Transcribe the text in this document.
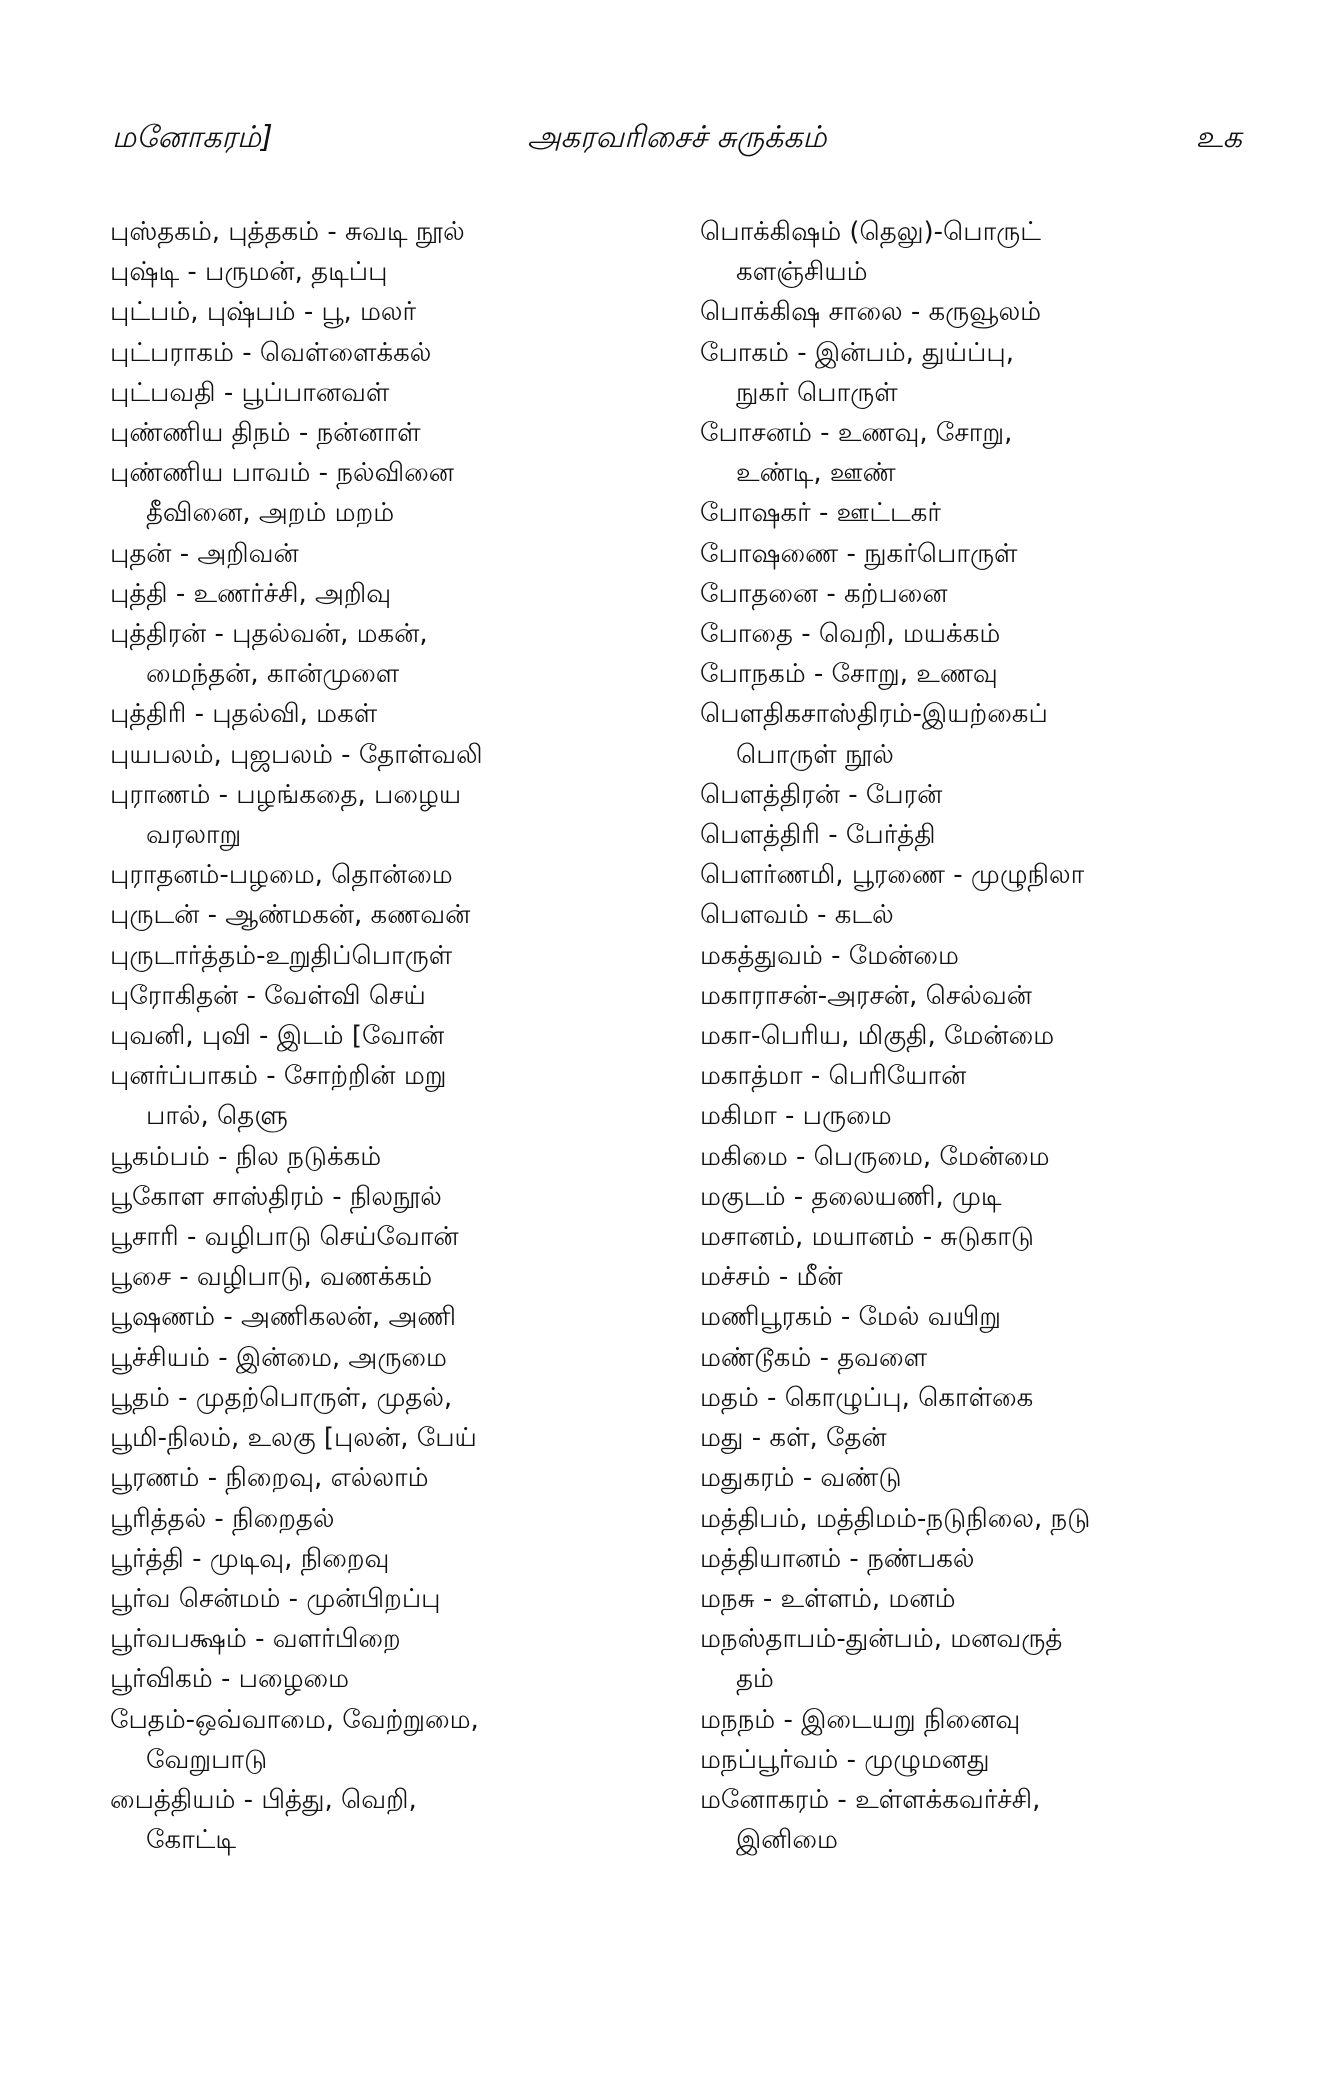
மனோகரம்]	அகரவரிசைச் சுருக்கம்	உக
புஸ்தகம், புத்தகம் - சுவடி நூல்
புஷ்டி - பருமன், தடிப்பு
புட்பம், புஷ்பம் - பூ, மலர்
புட்பராகம் - வெள்ளைக்கல்
புட்பவதி - பூப்பானவள்
புண்ணிய திநம் - நன்னாள்
புண்ணிய பாவம் - நல்வினை
தீவினை, அறம் மறம்
புதன் - அறிவன்
புத்தி - உணர்ச்சி, அறிவு
புத்திரன் - புதல்வன், மகன்,
மைந்தன், கான்முளை
புத்திரி - புதல்வி, மகள்
புயபலம், புஜபலம் - தோள்வலி
புராணம் - பழங்கதை, பழைய
வரலாறு
புராதனம்-பழமை, தொன்மை
புருடன் - ஆண்மகன், கணவன்
புருடார்த்தம்-உறுதிப்பொருள்
புரோகிதன் - வேள்வி செய்
புவனி, புவி - இடம் [வோன்
புனர்ப்பாகம் - சோற்றின் மறு
பால், தெளு
பூகம்பம் - நில நடுக்கம்
பூகோள சாஸ்திரம் - நிலநூல்
பூசாரி - வழிபாடு செய்வோன்
பூசை - வழிபாடு, வணக்கம்
பூஷணம் - அணிகலன், அணி
பூச்சியம் - இன்மை, அருமை
பூதம் - முதற்பொருள், முதல்,
பூமி-நிலம், உலகு [புலன், பேய்
பூரணம் - நிறைவு, எல்லாம்
பூரித்தல் - நிறைதல்
பூர்த்தி - முடிவு, நிறைவு
பூர்வ சென்மம் - முன்பிறப்பு
பூர்வபக்ஷம் - வளர்பிறை
பூர்விகம் - பழைமை
பேதம்-ஒவ்வாமை, வேற்றுமை,
வேறுபாடு
பைத்தியம் - பித்து, வெறி,
கோட்டி
பொக்கிஷம் (தெலு)-பொருட்
களஞ்சியம்
பொக்கிஷ சாலை - கருவூலம்
போகம் - இன்பம், துய்ப்பு,
நுகர் பொருள்
போசனம் - உணவு, சோறு,
உண்டி, ஊண்
போஷகர் - ஊட்டகர்
போஷணை - நுகர்பொருள்
போதனை - கற்பனை
போதை - வெறி, மயக்கம்
போநகம் - சோறு, உணவு
பௌதிகசாஸ்திரம்-இயற்கைப்
பொருள் நூல்
பௌத்திரன் - பேரன்
பௌத்திரி - பேர்த்தி
பௌர்ணமி, பூரணை - முழுநிலா
பௌவம் - கடல்
மகத்துவம் - மேன்மை
மகாராசன்-அரசன், செல்வன்
மகா-பெரிய, மிகுதி, மேன்மை
மகாத்மா - பெரியோன்
மகிமா - பருமை
மகிமை - பெருமை, மேன்மை
மகுடம் - தலையணி, முடி
மசானம், மயானம் - சுடுகாடு
மச்சம் - மீன்
மணிபூரகம் - மேல் வயிறு
மண்டூகம் - தவளை
மதம் - கொழுப்பு, கொள்கை
மது - கள், தேன்
மதுகரம் - வண்டு
மத்திபம், மத்திமம்-நடுநிலை, நடு
மத்தியானம் - நண்பகல்
மநசு - உள்ளம், மனம்
மநஸ்தாபம்-துன்பம், மனவருத்
தம்
மநநம் - இடையறு நினைவு
மநப்பூர்வம் - முழுமனது
மனோகரம் - உள்ளக்கவர்ச்சி,
இனிமை
